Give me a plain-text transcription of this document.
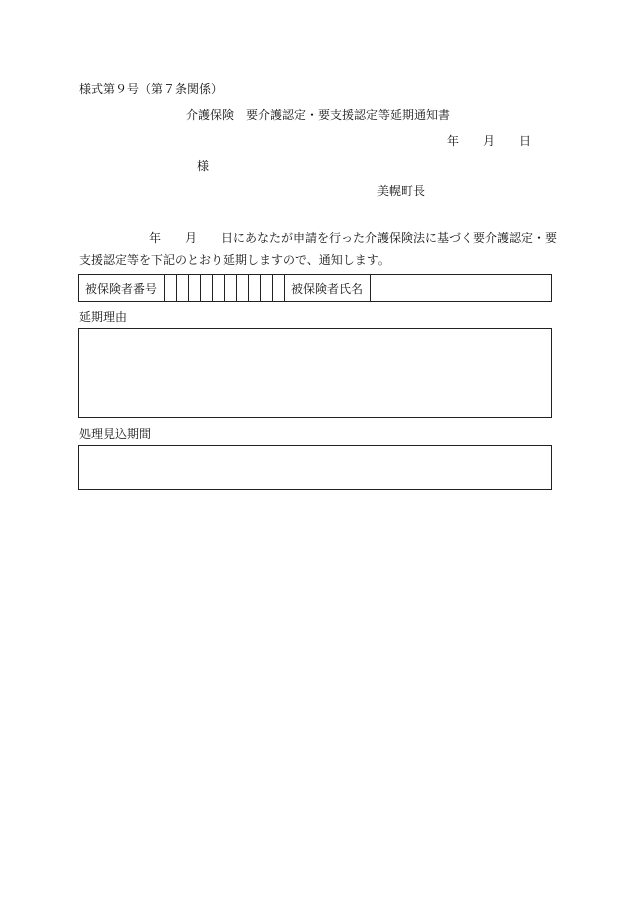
様式第９号（第７条関係）
介護保険　要介護認定・要支援認定等延期通知書
年 月 日
様
美幌町長
年 月 日にあなたが申請を行った介護保険法に基づく要介護認定・要
支援認定等を下記のとおり延期しますので、通知します。
被保険者番号											被保険者氏名	
延期理由
処理見込期間
